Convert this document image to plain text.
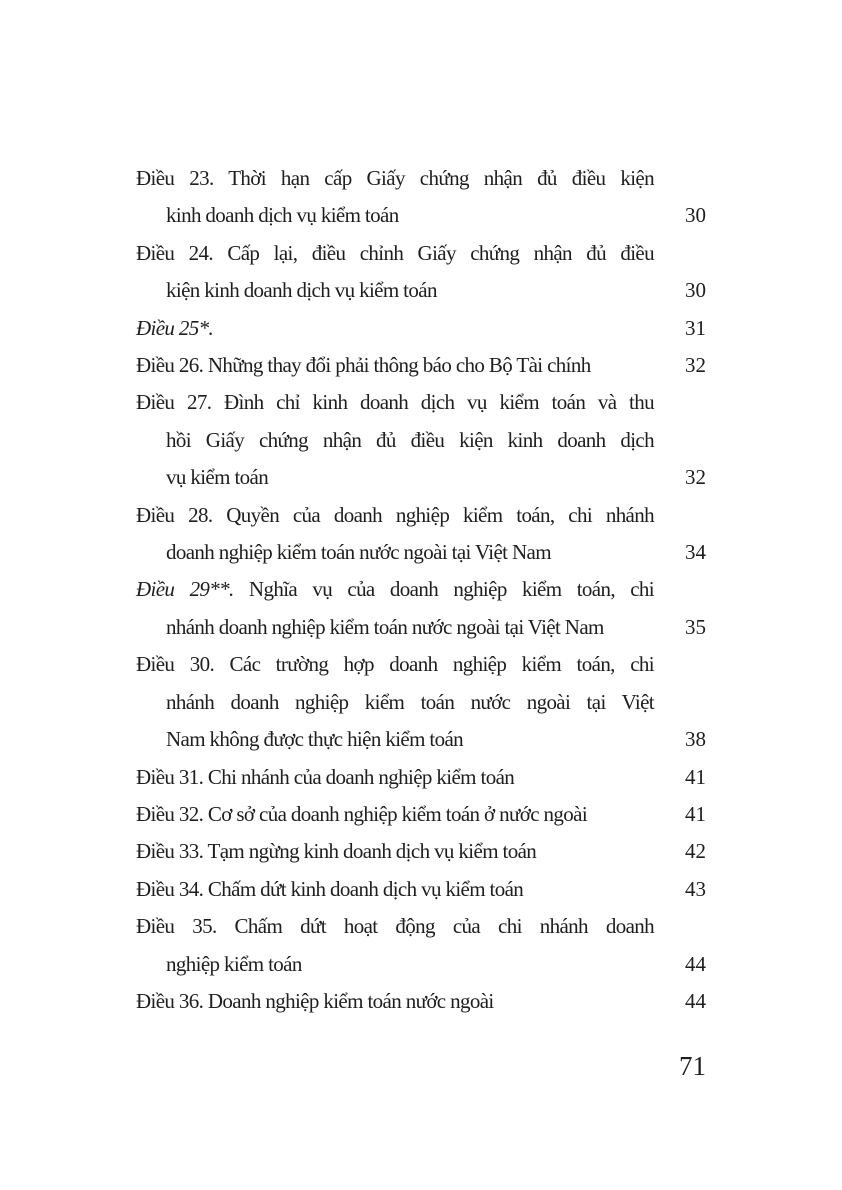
Điều 23. Thời hạn cấp Giấy chứng nhận đủ điều kiện
kinh doanh dịch vụ kiểm toán	30
Điều 24. Cấp lại, điều chỉnh Giấy chứng nhận đủ điều
kiện kinh doanh dịch vụ kiểm toán	30
Điều 25*.	31
Điều 26. Những thay đổi phải thông báo cho Bộ Tài chính	32
Điều 27. Đình chỉ kinh doanh dịch vụ kiểm toán và thu
hồi Giấy chứng nhận đủ điều kiện kinh doanh dịch
vụ kiểm toán	32
Điều 28. Quyền của doanh nghiệp kiểm toán, chi nhánh
doanh nghiệp kiểm toán nước ngoài tại Việt Nam	34
Điều 29**. Nghĩa vụ của doanh nghiệp kiểm toán, chi
nhánh doanh nghiệp kiểm toán nước ngoài tại Việt Nam	35
Điều 30. Các trường hợp doanh nghiệp kiểm toán, chi
nhánh doanh nghiệp kiểm toán nước ngoài tại Việt
Nam không được thực hiện kiểm toán	38
Điều 31. Chi nhánh của doanh nghiệp kiểm toán	41
Điều 32. Cơ sở của doanh nghiệp kiểm toán ở nước ngoài	41
Điều 33. Tạm ngừng kinh doanh dịch vụ kiểm toán	42
Điều 34. Chấm dứt kinh doanh dịch vụ kiểm toán	43
Điều 35. Chấm dứt hoạt động của chi nhánh doanh
nghiệp kiểm toán	44
Điều 36. Doanh nghiệp kiểm toán nước ngoài	44
71
